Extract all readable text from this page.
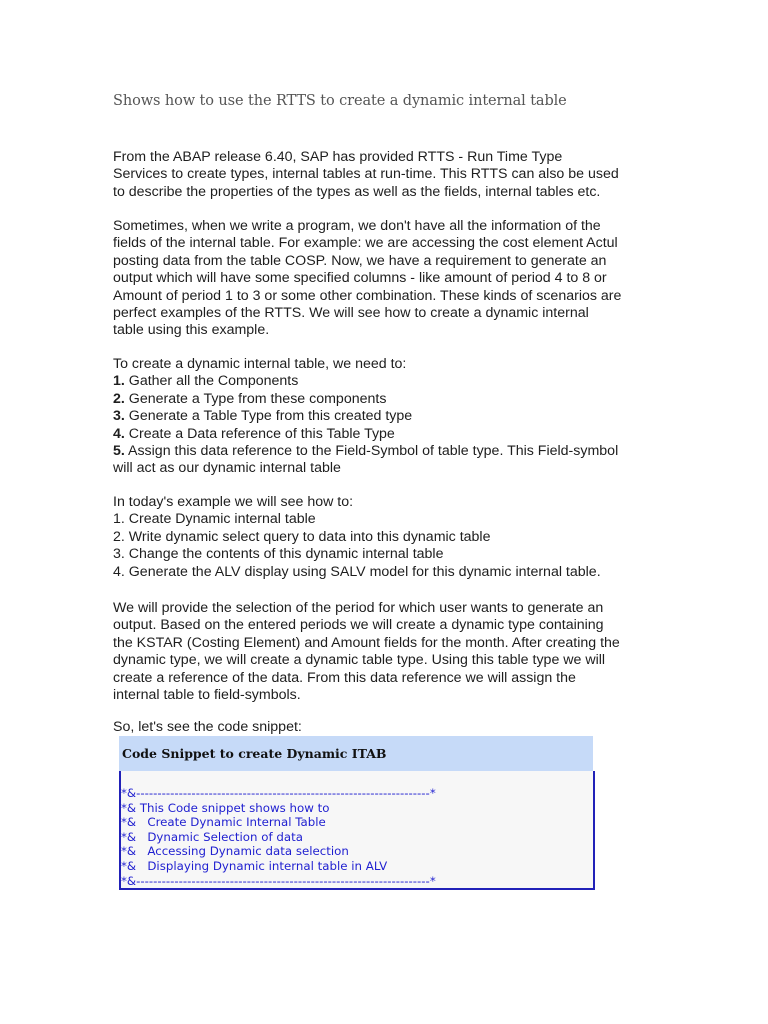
Shows how to use the RTTS to create a dynamic internal table

From the ABAP release 6.40, SAP has provided RTTS - Run Time Type
Services to create types, internal tables at run-time. This RTTS can also be used
to describe the properties of the types as well as the fields, internal tables etc.

Sometimes, when we write a program, we don't have all the information of the
fields of the internal table. For example: we are accessing the cost element Actul
posting data from the table COSP. Now, we have a requirement to generate an
output which will have some specified columns - like amount of period 4 to 8 or
Amount of period 1 to 3 or some other combination. These kinds of scenarios are
perfect examples of the RTTS. We will see how to create a dynamic internal
table using this example.

To create a dynamic internal table, we need to:
1. Gather all the Components
2. Generate a Type from these components
3. Generate a Table Type from this created type
4. Create a Data reference of this Table Type
5. Assign this data reference to the Field-Symbol of table type. This Field-symbol
will act as our dynamic internal table
In today's example we will see how to:
1. Create Dynamic internal table
2. Write dynamic select query to data into this dynamic table
3. Change the contents of this dynamic internal table
4. Generate the ALV display using SALV model for this dynamic internal table.

We will provide the selection of the period for which user wants to generate an
output. Based on the entered periods we will create a dynamic type containing
the KSTAR (Costing Element) and Amount fields for the month. After creating the
dynamic type, we will create a dynamic table type. Using this table type we will
create a reference of the data. From this data reference we will assign the
internal table to field-symbols.

So, let's see the code snippet:

Code Snippet to create Dynamic ITAB
*&---------------------------------------------------------------------*
*& This Code snippet shows how to
*&   Create Dynamic Internal Table
*&   Dynamic Selection of data
*&   Accessing Dynamic data selection
*&   Displaying Dynamic internal table in ALV
*&---------------------------------------------------------------------*
